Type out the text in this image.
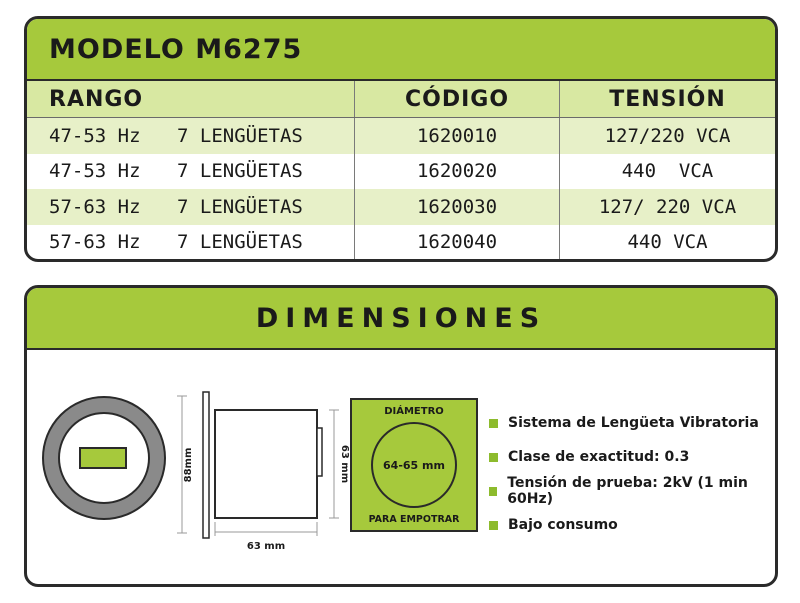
MODELO M6275
RANGO	CÓDIGO	TENSIÓN
47-53 Hz	7 LENGÜETAS	1620010	127/220 VCA
47-53 Hz	7 LENGÜETAS	1620020	440  VCA
57-63 Hz	7 LENGÜETAS	1620030	127/ 220 VCA
57-63 Hz	7 LENGÜETAS	1620040	440 VCA
DIMENSIONES
88mm
63 mm
63 mm
DIÁMETRO
64-65 mm
PARA EMPOTRAR
Sistema de Lengüeta Vibratoria
Clase de exactitud: 0.3
Tensión de prueba: 2kV (1 min 60Hz)
Bajo consumo
